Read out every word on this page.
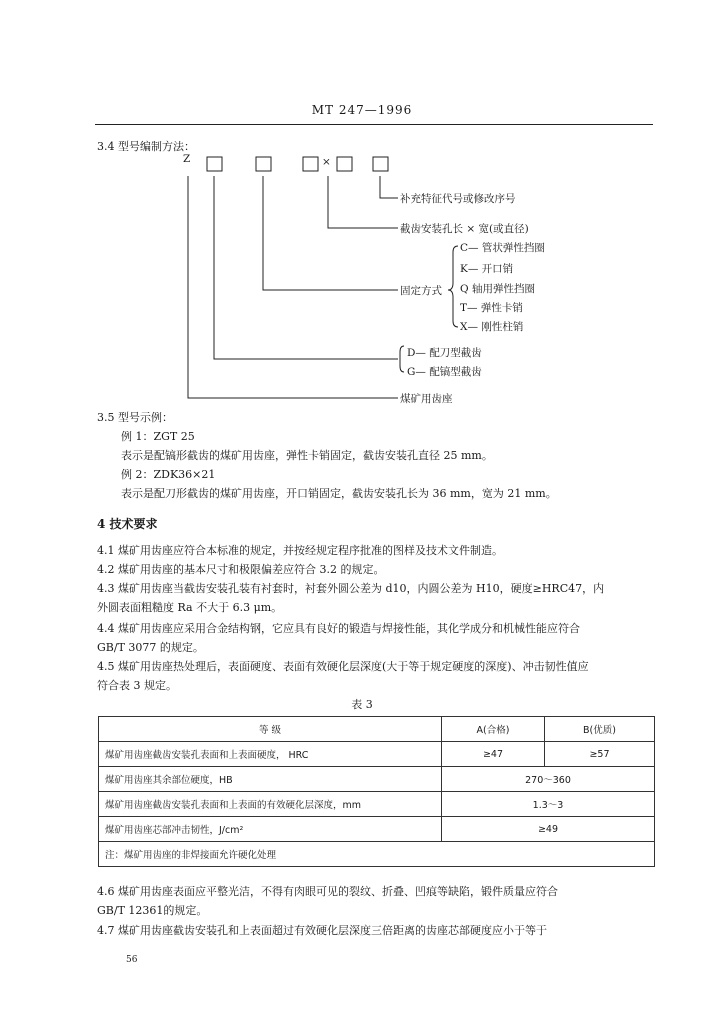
MT 247—1996
3.4 型号编制方法：
Z	×
补充特征代号或修改序号
截齿安装孔长 × 宽(或直径)
C— 管状弹性挡圈
K— 开口销
Q 轴用弹性挡圈
T— 弹性卡销
X— 刚性柱销
固定方式
D— 配刀型截齿
G— 配镐型截齿
煤矿用齿座
3.5 型号示例：
例 1：ZGT 25
表示是配镐形截齿的煤矿用齿座，弹性卡销固定，截齿安装孔直径 25 mm。
例 2：ZDK36×21
表示是配刀形截齿的煤矿用齿座，开口销固定，截齿安装孔长为 36 mm，宽为 21 mm。
4 技术要求
4.1 煤矿用齿座应符合本标准的规定，并按经规定程序批准的图样及技术文件制造。
4.2 煤矿用齿座的基本尺寸和极限偏差应符合 3.2 的规定。
4.3 煤矿用齿座当截齿安装孔装有衬套时，衬套外圆公差为 d10，内圆公差为 H10，硬度≥HRC47，内
外圆表面粗糙度 Ra 不大于 6.3 μm。
4.4 煤矿用齿座应采用合金结构钢，它应具有良好的锻造与焊接性能，其化学成分和机械性能应符合
GB/T 3077 的规定。
4.5 煤矿用齿座热处理后，表面硬度、表面有效硬化层深度(大于等于规定硬度的深度)、冲击韧性值应
符合表 3 规定。
表 3
等 级	A(合格)	B(优质)
煤矿用齿座截齿安装孔表面和上表面硬度， HRC	≥47	≥57
煤矿用齿座其余部位硬度，HB	270～360	
煤矿用齿座截齿安装孔表面和上表面的有效硬化层深度，mm	1.3～3	
煤矿用齿座芯部冲击韧性，J/cm²	≥49	
注：煤矿用齿座的非焊接面允许硬化处理		
4.6 煤矿用齿座表面应平整光洁，不得有肉眼可见的裂纹、折叠、凹痕等缺陷，锻件质量应符合
GB/T 12361的规定。
4.7 煤矿用齿座截齿安装孔和上表面超过有效硬化层深度三倍距离的齿座芯部硬度应小于等于
56
